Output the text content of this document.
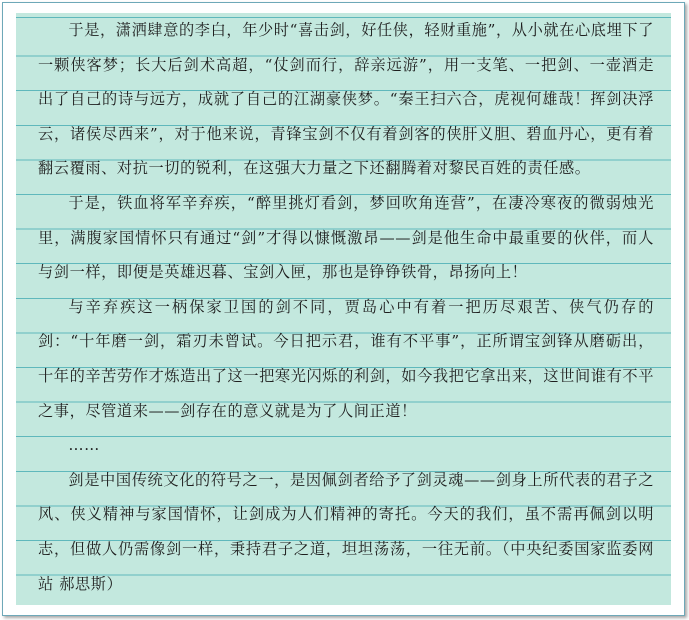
于是，潇洒肆意的李白，年少时“喜击剑，好任侠，轻财重施”，从小就在心底埋下了一颗侠客梦；长大后剑术高超，“仗剑而行，辞亲远游”，用一支笔、一把剑、一壶酒走出了自己的诗与远方，成就了自己的江湖豪侠梦。“秦王扫六合，虎视何雄哉！挥剑决浮云，诸侯尽西来”，对于他来说，青锋宝剑不仅有着剑客的侠肝义胆、碧血丹心，更有着翻云覆雨、对抗一切的锐利，在这强大力量之下还翻腾着对黎民百姓的责任感。

于是，铁血将军辛弃疾，“醉里挑灯看剑，梦回吹角连营”，在凄冷寒夜的微弱烛光里，满腹家国情怀只有通过“剑”才得以慷慨激昂——剑是他生命中最重要的伙伴，而人与剑一样，即便是英雄迟暮、宝剑入匣，那也是铮铮铁骨，昂扬向上！

与辛弃疾这一柄保家卫国的剑不同，贾岛心中有着一把历尽艰苦、侠气仍存的剑：“十年磨一剑，霜刃未曾试。今日把示君，谁有不平事”，正所谓宝剑锋从磨砺出，十年的辛苦劳作才炼造出了这一把寒光闪烁的利剑，如今我把它拿出来，这世间谁有不平之事，尽管道来——剑存在的意义就是为了人间正道！

……

剑是中国传统文化的符号之一，是因佩剑者给予了剑灵魂——剑身上所代表的君子之风、侠义精神与家国情怀，让剑成为人们精神的寄托。今天的我们，虽不需再佩剑以明志，但做人仍需像剑一样，秉持君子之道，坦坦荡荡，一往无前。（中央纪委国家监委网站 郝思斯）
